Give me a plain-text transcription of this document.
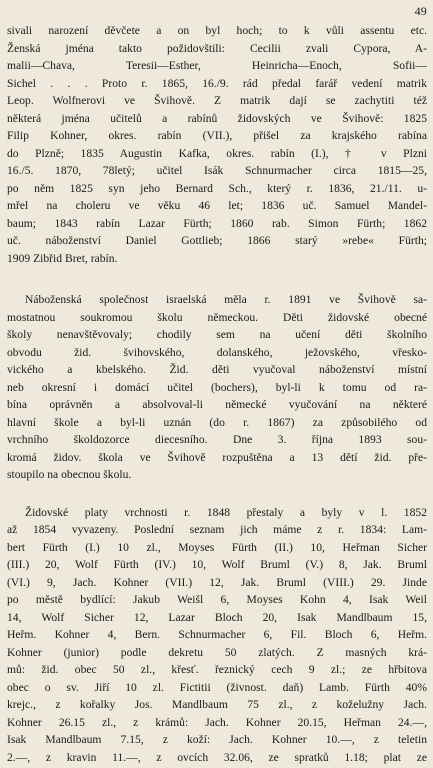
49
sivali narození děvčete a on byl hoch; to k vůli assentu etc.
Ženská jména takto požidovštili: Cecilii zvali Cypora, A-
malii—Chava, Teresii—Esther, Heinricha—Enoch, Sofii—
Sichel . . . Proto r. 1865, 16./9. rád předal farář vedení matrik
Leop. Wolfnerovi ve Švihově. Z matrik dají se zachytiti též
některá jména učitelů a rabínů židovských ve Švihově: 1825
Filip Kohner, okres. rabín (VII.), přišel za krajského rabína
do Plzně; 1835 Augustin Kafka, okres. rabín (I.), † v Plzni
16./5. 1870, 78letý; učitel Isák Schnurmacher circa 1815—25,
po něm 1825 syn jeho Bernard Sch., který r. 1836, 21./11. u-
mřel na choleru ve věku 46 let; 1836 uč. Samuel Mandel-
baum; 1843 rabín Lazar Fürth; 1860 rab. Simon Fürth; 1862
uč. náboženství Daniel Gottlieb; 1866 starý »rebe« Fürth;
1909 Zibřid Bret, rabín.
Náboženská společnost israelská měla r. 1891 ve Švihově sa-
mostatnou soukromou školu německou. Děti židovské obecné
školy nenavštěvovaly; chodily sem na učení děti školního
obvodu žid. švihovského, dolanského, ježovského, vřesko-
vického a kbelského. Žid. děti vyučoval náboženství místní
neb okresní i domácí učitel (bochers), byl-li k tomu od ra-
bína oprávněn a absolvoval-li německé vyučování na některé
hlavní škole a byl-li uznán (do r. 1867) za způsobilého od
vrchního školdozorce diecesního. Dne 3. října 1893 sou-
kromá židov. škola ve Švihově rozpuštěna a 13 dětí žid. pře-
stoupilo na obecnou školu.
Židovské platy vrchnosti r. 1848 přestaly a byly v l. 1852
až 1854 vyvazeny. Poslední seznam jich máme z r. 1834: Lam-
bert Fürth (I.) 10 zl., Moyses Fürth (II.) 10, Heřman Sicher
(III.) 20, Wolf Fürth (IV.) 10, Wolf Bruml (V.) 8, Jak. Bruml
(VI.) 9, Jach. Kohner (VII.) 12, Jak. Bruml (VIII.) 29. Jinde
po městě bydlící: Jakub Weišl 6, Moyses Kohn 4, Isak Weil
14, Wolf Sicher 12, Lazar Bloch 20, Isak Mandlbaum 15,
Heřm. Kohner 4, Bern. Schnurmacher 6, Fil. Bloch 6, Heřm.
Kohner (junior) podle dekretu 50 zlatých. Z masných krá-
mů: žid. obec 50 zl., křesť. řeznický cech 9 zl.; ze hřbitova
obec o sv. Jiří 10 zl. Fictitii (živnost. daň) Lamb. Fürth 40%
krejc., z kořalky Jos. Mandlbaum 75 zl., z koželužny Jach.
Kohner 26.15 zl., z krámů: Jach. Kohner 20.15, Heřman 24.—,
Isak Mandlbaum 7.15, z koží: Jach. Kohner 10.—, z teletin
2.—, z kravin 11.—, z ovcích 32.06, ze spratků 1.18; plat ze
